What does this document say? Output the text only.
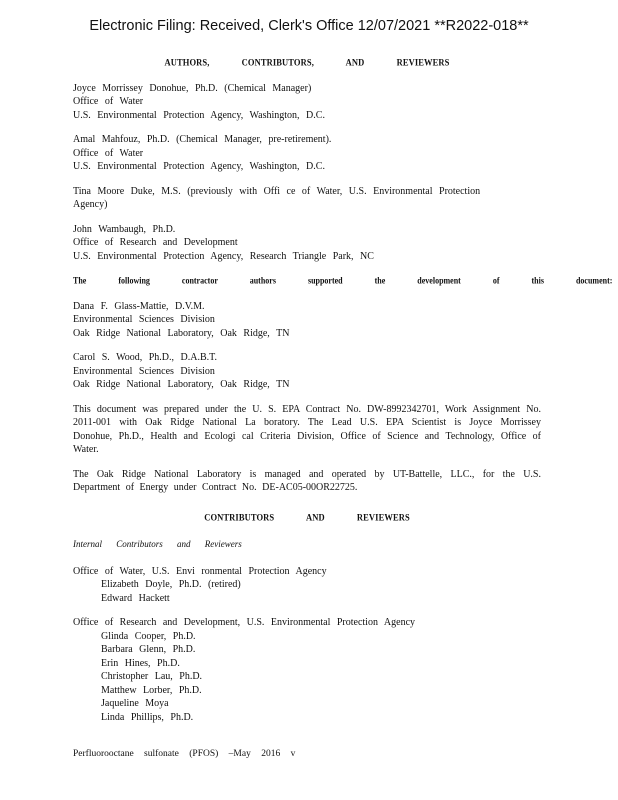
Electronic Filing: Received, Clerk's Office 12/07/2021 **R2022-018**
AUTHORS, CONTRIBUTORS, AND REVIEWERS
Joyce Morrissey Donohue, Ph.D. (Chemical Manager)
Office of Water
U.S. Environmental Protection Agency, Washington, D.C.
Amal Mahfouz, Ph.D. (Chemical Manager, pre-retirement).
Office of Water
U.S. Environmental Protection Agency, Washington, D.C.
Tina Moore Duke, M.S. (previously with Offi ce of Water, U.S. Environmental Protection Agency)
John Wambaugh, Ph.D.
Office of Research and Development
U.S. Environmental Protection Agency, Research Triangle Park, NC
The following contractor authors supported the development of this document:
Dana F. Glass-Mattie, D.V.M.
Environmental Sciences Division
Oak Ridge National Laboratory, Oak Ridge, TN
Carol S. Wood, Ph.D., D.A.B.T.
Environmental Sciences Division
Oak Ridge National Laboratory, Oak Ridge, TN
This document was prepared under the U. S. EPA Contract No. DW-8992342701, Work Assignment No. 2011-001 with Oak Ridge National La boratory. The Lead U.S. EPA Scientist is Joyce Morrissey Donohue, Ph.D., Health and Ecologi cal Criteria Division, Office of Science and Technology, Office of Water.
The Oak Ridge National Laboratory is managed and operated by UT-Battelle, LLC., for the U.S. Department of Energy under Contract No. DE-AC05-00OR22725.
CONTRIBUTORS AND REVIEWERS
Internal Contributors and Reviewers
Office of Water, U.S. Envi ronmental Protection Agency
Elizabeth Doyle, Ph.D. (retired)
Edward Hackett
Office of Research and Development, U.S. Environmental Protection Agency
Glinda Cooper, Ph.D.
Barbara Glenn, Ph.D.
Erin Hines, Ph.D.
Christopher Lau, Ph.D.
Matthew Lorber, Ph.D.
Jaqueline Moya
Linda Phillips, Ph.D.
Perfluorooctane sulfonate (PFOS) –May 2016 v
